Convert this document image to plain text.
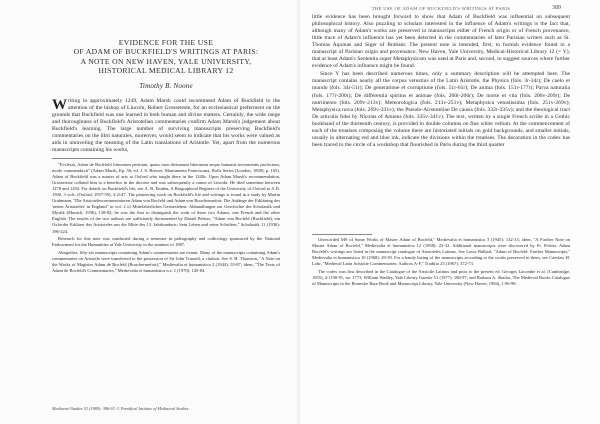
EVIDENCE FOR THE USE
OF ADAM OF BUCKFIELD'S WRITINGS AT PARIS:
A NOTE ON NEW HAVEN, YALE UNIVERSITY,
HISTORICAL MEDICAL LIBRARY 12
Timothy B. Noone

Writing in approximately 1249, Adam Marsh could recommend Adam of Buckfield to the attention of the bishop of Lincoln, Robert Grosseteste, for an ecclesiastical preferment on the grounds that Buckfield was one learned in both human and divine matters. Certainly, the wide range and thoroughness of Buckfield's Aristotelian commentaries confirm Adam Marsh's judgement about Buckfield's learning. The large number of surviving manuscripts preserving Buckfield's commentaries on the libri naturales, moreover, would seem to indicate that his works were valued as aids in unraveling the meaning of the Latin translations of Aristotle. Yet, apart from the numerous manuscripts containing his works,

"Ecclesia, Adam de Bockfeld litterarum peritiam, quam cum divinarum litterarum aeque humanis incrementis profectum, modo commendavit" (Adam Marsh, Ep. 56; ed. J. S. Brewer, Monumenta Franciscana, Rolls Series [London, 1858], p. 165). Adam of Buckfield was a master of arts at Oxford who taught there in the 1240s. Upon Adam Marsh's recommendation, Grosseteste collated him to a benefice in the diocese and was subsequently a canon of Lincoln. He died sometime between 1278 and 1294. For details on Buckfield's life, see A. B. Emden, A Biographical Register of the University of Oxford to A.D. 1500, 3 vols. (Oxford, 1957-59), 3:2147. The pioneering work on Buckfield's life and writings is found in a study by Martin Grabmann, "Die Aristotelescommentatoren Adam von Bocfeld und Adam von Bouchermefort: Die Anfänge der Erklärung des 'neuen Aristoteles' in England" in vol. 2 of Mittelalterliches Geistesleben: Abhandlungen zur Geschichte der Scholastik und Mystik (Munich, 1936), 138-82; he was the first to distinguish the work of these two Adams, one French and the other English. The results of the two authors are sufficiently documented by Daniel Pelster, "Adam von Bocfeld (Buckfield), ein Oxforder Erklärer des Aristoteles um die Mitte des 13. Jahrhunderts: Sein Leben und seine Schriften," Scholastik 11 (1936): 196-224.

Research for this note was conducted during a semester in paleography and codicology sponsored by the National Endowment for the Humanities at Yale University in the summer of 1987.

Altogether, fifty-six manuscripts containing Adam's commentaries are extant. Many of the manuscripts containing Adam's commentaries on Aristotle were transferred to the possession of Sir John Trussell, a citation. See S. H. Thomson, "A Note on the Works of Magister Adam de Bocfeld (Bouchermefort)," Medievalia et humanistica 2 (1944): 55-87; idem, "The Texts of Adam de Bocfeld's Commentaries," Medievalia et humanistica n.s. 1 (1970): 145-84.

Mediaeval Studies 51 (1989): 386-93. © Pontifical Institute of Mediaeval Studies.
THE USE OF ADAM OF BUCKFIELD'S WRITINGS AT PARIS	389

little evidence has been brought forward to show that Adam of Buckfield was influential on subsequent philosophical history. Also puzzling to scholars interested in the influence of Adam's writings is the fact that, although many of Adam's works are preserved in manuscripts either of French origin or of French provenance, little trace of Adam's influence has yet been detected in the commentaries of later Parisian writers such as St. Thomas Aquinas and Siger of Brabant. The present note is intended, first, to furnish evidence found in a manuscript of Parisian origin and provenance, New Haven, Yale University, Medical-Historical Library 12 (= Y), that at least Adam's Sententia super Metaphysicam was used at Paris and, second, to suggest sources where further evidence of Adam's influence might be found.

Since Y has been described numerous times, only a summary description will be attempted here. The manuscript contains nearly all the corpus vetustius of the Latin Aristotle, the Physica (fols. 3r-34r); De caelo et mundo (fols. 34r-51r); De generatione et corruptione (fols. 51r-61r); De anima (fols. 151r-177r); Parva naturalia (fols. 177r-200r); De differentia spiritus et animae (fols. 200r-206r); De morte et vita (fols. 206v-209r); De nutrimento (fols. 209v-213v); Meteorologica (fols. 213v-251v); Metaphysica vetustissima (fols. 251v-269v); Metaphysica nova (fols. 269v-331v); the Pseudo-Aristotelian De causis (fols. 332r-335v); and the theological tract De articulis fidei by Nicolas of Amiens (fols. 335v-341v). The text, written by a single French scribe in a Gothic bookhand of the thirteenth century, is provided in double columns on fine white vellum. At the commencement of each of the treatises composing the volume there are historiated initials on gold backgrounds, and smaller initials, usually in alternating red and blue ink, indicate the divisions within the treatises. The decoration in the codex has been traced to the circle of a workshop that flourished in Paris during the third quarter

Unrecorded MS of Some Works of Master Adam of Bocfeld," Medievalia et humanistica 3 (1945): 132-33; idem, "A Further Note on Master Adam of Bocfeld," Medievalia et humanistica 12 (1958): 23-32. Additional manuscripts were discovered by Fr. Pelster. Adam Bocfeld's writings are listed in the manuscript catalogue of Aristoteles Latinus. See Lucia Ballard, "Adam of Bocfeld: Further Manuscripts," Medievalia et humanistica 10 (1968): 29-39. For a handy listing of the manuscripts according to the works preserved in them, see Czeslaw H. Lohr, "Medieval Latin Aristotle Commentaries: Authors A-F," Traditio 23 (1967): 372-73.

The codex was first described in the Catalogue of the Aristotle Latinus and prior to the present ed. Georges Lacombe et al. (Cambridge, 1955), 2:1190-91, no. 1773; William Wadley, Yale Library Gazette 51 (1977): 186-97; and Barbara A. Shailor, The Medieval Books Catalogue of Manuscripts in the Beinecke Rare Book and Manuscript Library, Yale University (New Haven, 1984), 1:96-98.
